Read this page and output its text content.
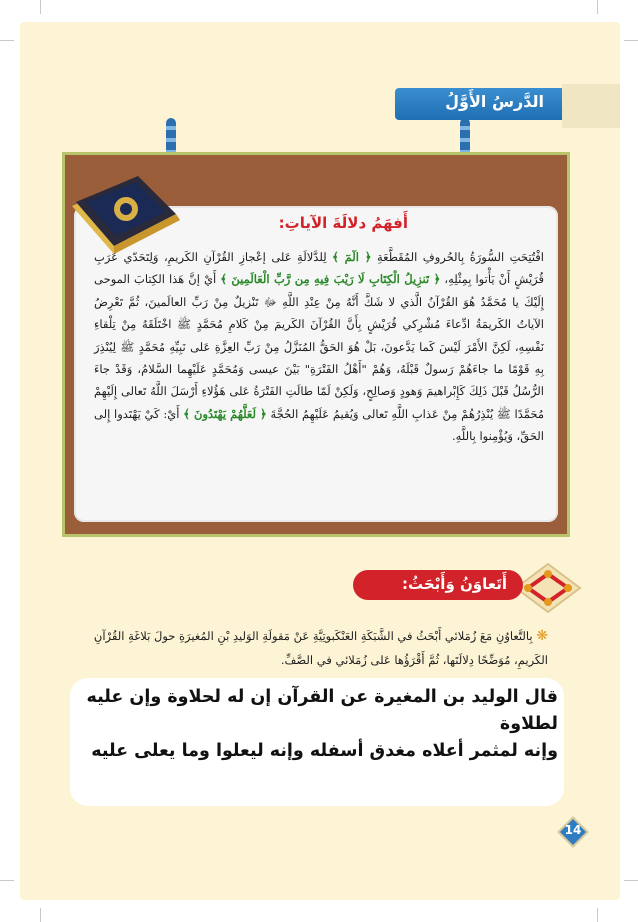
الدَّرسُ الأَوَّلُ
أَفهَمُ دلالَةَ الآياتِ:
افْتُتِحَتِ السُّورَةُ بِالحُروفِ المُقَطَّعَةِ ﴿ الٓمٓ ﴾ لِلدَّلالَةِ عَلى إعْجازِ القُرْآنِ الكَريمِ، وَلِتَحَدّي عَرَبِ قُرَيْشٍ أَنْ يَأْتوا بِمِثْلِهِ، ﴿ تَنزِيلُ الْكِتَابِ لَا رَيْبَ فِيهِ مِن رَّبِّ الْعَالَمِينَ ﴾ أَيْ إنَّ هَذا الكِتابَ الموحى إِلَيْكَ يا مُحَمَّدُ هُوَ القُرْآنُ الَّذي لا شَكَّ أَنَّهُ مِنْ عِنْدِ اللَّهِ ﷻ تَنْزيلٌ مِنْ رَبِّ العالَمينَ، ثُمَّ تَعْرِضُ الآياتُ الكَريمَةُ ادِّعاءَ مُشْرِكي قُرَيْشٍ بِأَنَّ القُرْآنَ الكَريمَ مِنْ كَلامِ مُحَمَّدٍ ﷺ اخْتَلَقَهُ مِنْ تِلْقاءِ نَفْسِهِ، لَكِنَّ الأَمْرَ لَيْسَ كَما يَدَّعونَ، بَلْ هُوَ الحَقُّ المُنَزَّلُ مِنْ رَبِّ العِزَّةِ عَلى نَبِيِّهِ مُحَمَّدٍ ﷺ لِيُنْذِرَ بِهِ قَوْمًا ما جاءَهُمْ رَسولٌ قَبْلَهُ، وَهُمْ "أَهْلُ الفَتْرَةِ" بَيْنَ عيسى وَمُحَمَّدٍ عَلَيْهِما السَّلامُ، وَقَدْ جاءَ الرُّسُلُ قَبْلَ ذَلِكَ كَإِبْراهيمَ وَهودٍ وَصالِحٍ، وَلَكِنْ لَمّا طالَتِ الفَتْرَةُ عَلى هَؤُلاءِ أَرْسَلَ اللَّهُ تَعالى إِلَيْهِمْ مُحَمَّدًا ﷺ يُنْذِرُهُمْ مِنْ عَذابِ اللَّهِ تَعالى وَيُقيمُ عَلَيْهِمُ الحُجَّةَ ﴿ لَعَلَّهُمْ يَهْتَدُونَ ﴾ أَيْ: كَيْ يَهْتَدوا إِلى الحَقِّ، وَيُؤْمِنوا بِاللَّهِ.
أَتَعاوَنُ وَأَبْحَثُ:
❋ بِالتَّعاوُنِ مَعَ زُمَلائي أَبْحَثُ في الشَّبَكَةِ العَنْكَبوتِيَّةِ عَنْ مَقولَةِ الوَليدِ بْنِ المُغيرَةِ حولَ بَلاغَةِ القُرْآنِ الكَريمِ، مُوَضِّحًا دِلالَتَها، ثُمَّ أَقْرَؤُها عَلى زُمَلائي في الصَّفِّ.
قال الوليد بن المغيرة عن القرآن إن له لحلاوة وإن عليه لطلاوة
وإنه لمثمر أعلاه مغدق أسفله وإنه ليعلوا وما يعلى عليه
14
